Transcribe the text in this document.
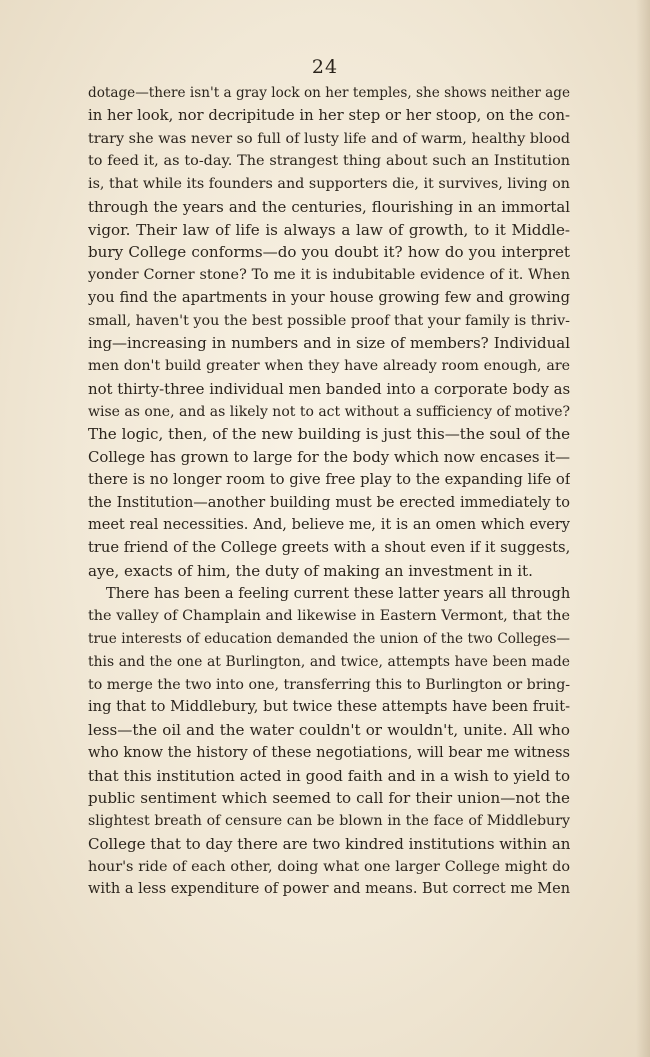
24
dotage—there isn't a gray lock on her temples, she shows neither age
in her look, nor decripitude in her step or her stoop, on the con-
trary she was never so full of lusty life and of warm, healthy blood
to feed it, as to-day. The strangest thing about such an Institution
is, that while its founders and supporters die, it survives, living on
through the years and the centuries, flourishing in an immortal
vigor. Their law of life is always a law of growth, to it Middle-
bury College conforms—do you doubt it? how do you interpret
yonder Corner stone? To me it is indubitable evidence of it. When
you find the apartments in your house growing few and growing
small, haven't you the best possible proof that your family is thriv-
ing—increasing in numbers and in size of members? Individual
men don't build greater when they have already room enough, are
not thirty-three individual men banded into a corporate body as
wise as one, and as likely not to act without a sufficiency of motive?
The logic, then, of the new building is just this—the soul of the
College has grown to large for the body which now encases it—
there is no longer room to give free play to the expanding life of
the Institution—another building must be erected immediately to
meet real necessities. And, believe me, it is an omen which every
true friend of the College greets with a shout even if it suggests,
aye, exacts of him, the duty of making an investment in it.
There has been a feeling current these latter years all through
the valley of Champlain and likewise in Eastern Vermont, that the
true interests of education demanded the union of the two Colleges—
this and the one at Burlington, and twice, attempts have been made
to merge the two into one, transferring this to Burlington or bring-
ing that to Middlebury, but twice these attempts have been fruit-
less—the oil and the water couldn't or wouldn't, unite. All who
who know the history of these negotiations, will bear me witness
that this institution acted in good faith and in a wish to yield to
public sentiment which seemed to call for their union—not the
slightest breath of censure can be blown in the face of Middlebury
College that to day there are two kindred institutions within an
hour's ride of each other, doing what one larger College might do
with a less expenditure of power and means. But correct me Men
